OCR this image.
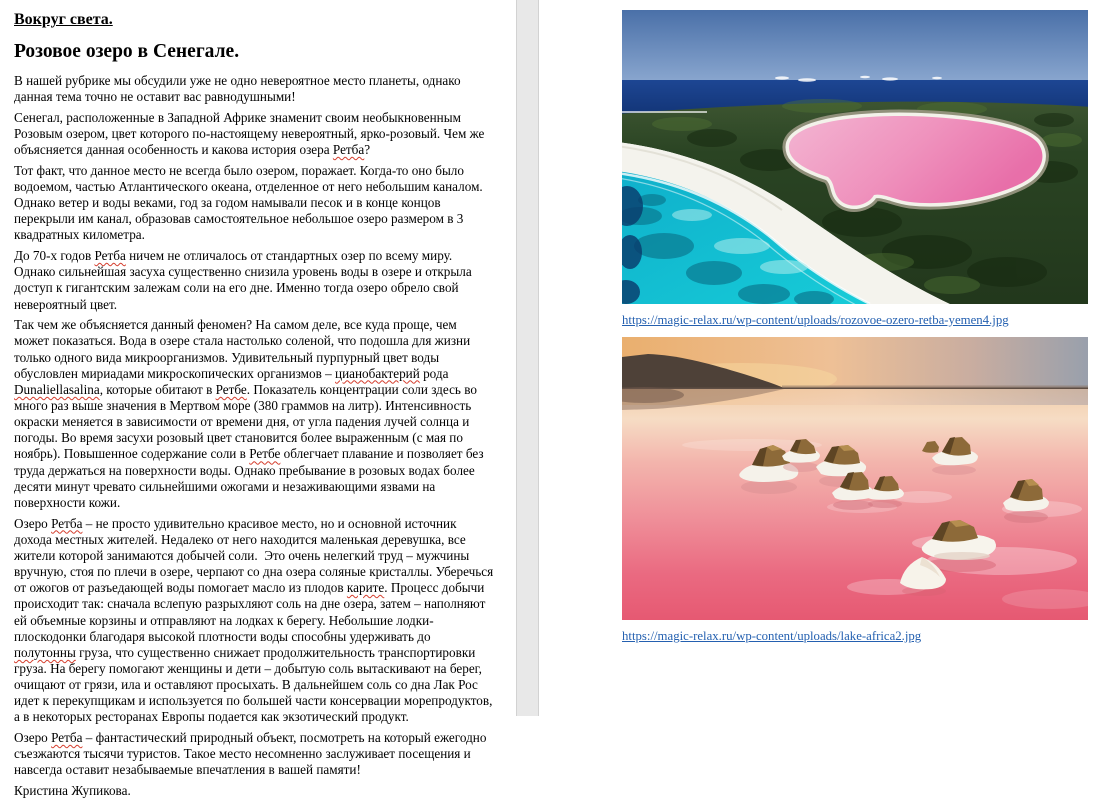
Вокруг света.
Розовое озеро в Сенегале.

В нашей рубрике мы обсудили уже не одно невероятное место планеты, однако данная тема точно не оставит вас равнодушными!

Сенегал, расположенные в Западной Африке знаменит своим необыкновенным Розовым озером, цвет которого по-настоящему невероятный, ярко-розовый. Чем же объясняется данная особенность и какова история озера Ретба?

Тот факт, что данное место не всегда было озером, поражает. Когда-то оно было водоемом, частью Атлантического океана, отделенное от него небольшим каналом. Однако ветер и воды веками, год за годом намывали песок и в конце концов перекрыли им канал, образовав самостоятельное небольшое озеро размером в 3 квадратных километра.

До 70-х годов Ретба ничем не отличалось от стандартных озер по всему миру. Однако сильнейшая засуха существенно снизила уровень воды в озере и открыла доступ к гигантским залежам соли на его дне. Именно тогда озеро обрело свой невероятный цвет.

Так чем же объясняется данный феномен? На самом деле, все куда проще, чем может показаться. Вода в озере стала настолько соленой, что подошла для жизни только одного вида микроорганизмов. Удивительный пурпурный цвет воды обусловлен мириадами микроскопических организмов – цианобактерий рода Dunaliellasalina, которые обитают в Ретбе. Показатель концентрации соли здесь во много раз выше значения в Мертвом море (380 граммов на литр). Интенсивность окраски меняется в зависимости от времени дня, от угла падения лучей солнца и погоды. Во время засухи розовый цвет становится более выраженным (с мая по ноябрь). Повышенное содержание соли в Ретбе облегчает плавание и позволяет без труда держаться на поверхности воды. Однако пребывание в розовых водах более десяти минут чревато сильнейшими ожогами и незаживающими язвами на поверхности кожи.

Озеро Ретба – не просто удивительно красивое место, но и основной источник дохода местных жителей. Недалеко от него находится маленькая деревушка, все жители которой занимаются добычей соли.  Это очень нелегкий труд – мужчины вручную, стоя по плечи в озере, черпают со дна озера соляные кристаллы. Уберечься от ожогов от разъедающей воды помогает масло из плодов карите. Процесс добычи происходит так: сначала вслепую разрыхляют соль на дне озера, затем – наполняют ей объемные корзины и отправляют на лодках к берегу. Небольшие лодки-плоскодонки благодаря высокой плотности воды способны удерживать до полутонны груза, что существенно снижает продолжительность транспортировки груза. На берегу помогают женщины и дети – добытую соль вытаскивают на берег, очищают от грязи, ила и оставляют просыхать. В дальнейшем соль со дна Лак Рос идет к перекупщикам и используется по большей части консервации морепродуктов, а в некоторых ресторанах Европы подается как экзотический продукт.

Озеро Ретба – фантастический природный объект, посмотреть на который ежегодно съезжаются тысячи туристов. Такое место несомненно заслуживает посещения и навсегда оставит незабываемые впечатления в вашей памяти!

Кристина Жупикова.

https://magic-relax.ru/wp-content/uploads/rozovoe-ozero-retba-yemen4.jpg
https://magic-relax.ru/wp-content/uploads/lake-africa2.jpg
